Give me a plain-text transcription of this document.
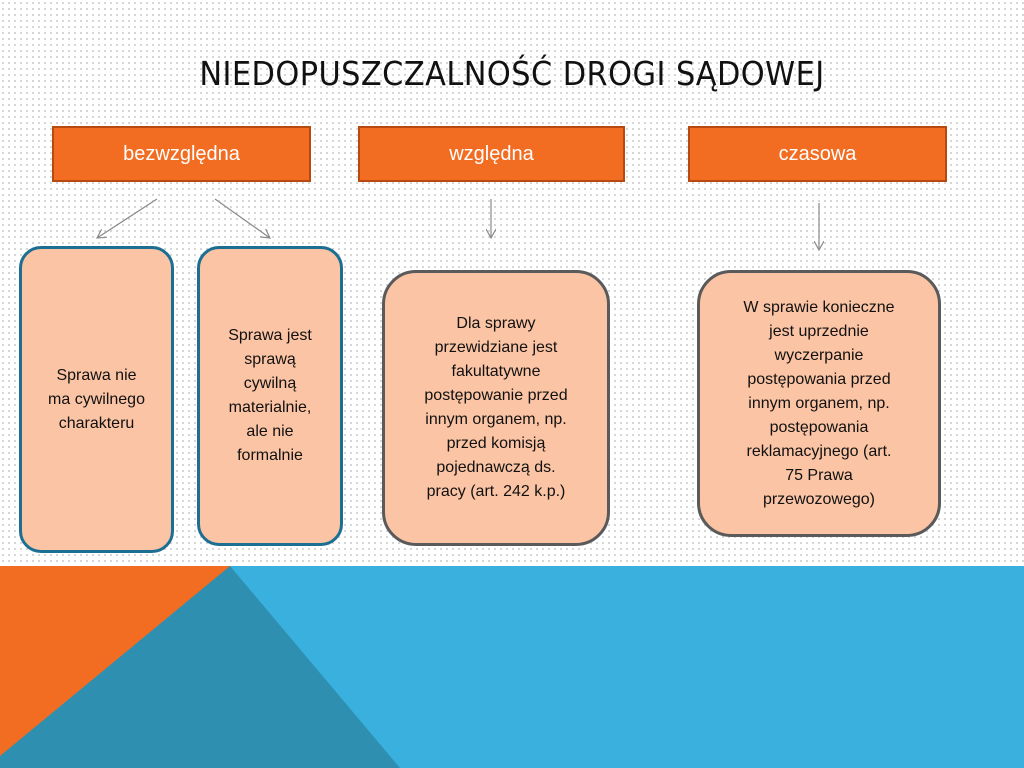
NIEDOPUSZCZALNOŚĆ DROGI SĄDOWEJ
bezwzględna	względna	czasowa
Sprawa nie
ma cywilnego
charakteru
Sprawa jest
sprawą
cywilną
materialnie,
ale nie
formalnie
Dla sprawy
przewidziane jest
fakultatywne
postępowanie przed
innym organem, np.
przed komisją
pojednawczą ds.
pracy (art. 242 k.p.)
W sprawie konieczne
jest uprzednie
wyczerpanie
postępowania przed
innym organem, np.
postępowania
reklamacyjnego (art.
75 Prawa
przewozowego)
